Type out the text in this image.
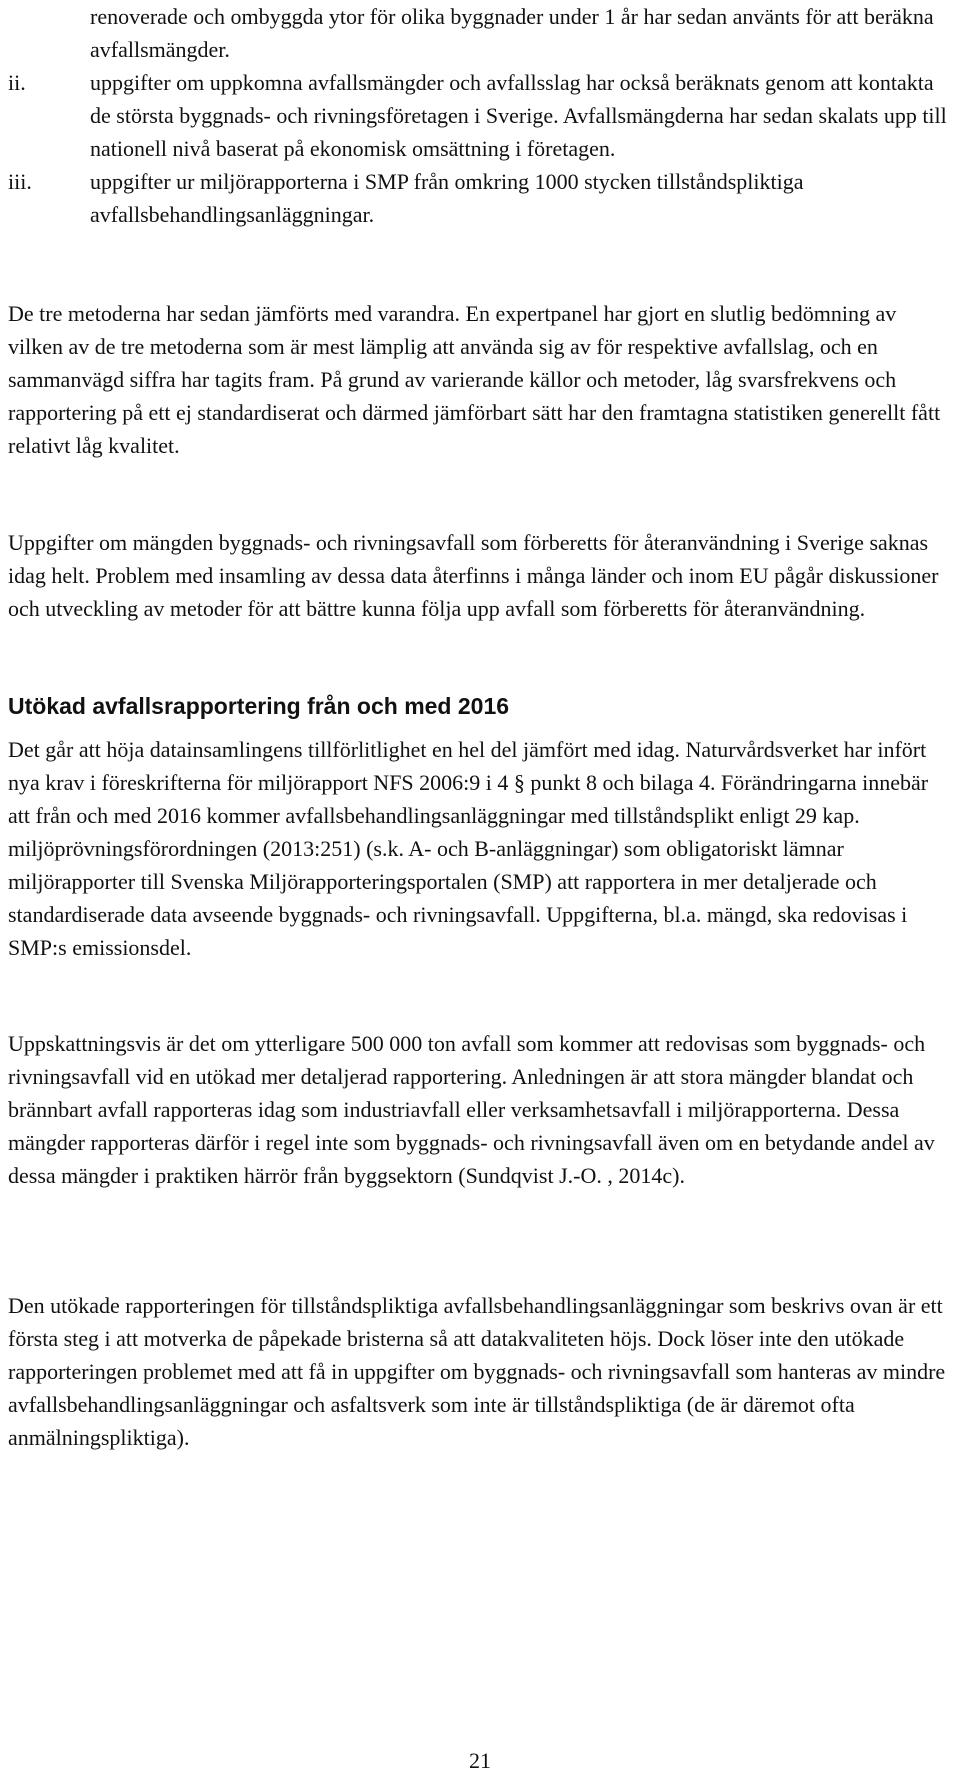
renoverade och ombyggda ytor för olika byggnader under 1 år har sedan använts för att beräkna avfallsmängder.
ii.	uppgifter om uppkomna avfallsmängder och avfallsslag har också beräknats genom att kontakta de största byggnads- och rivningsföretagen i Sverige. Avfallsmängderna har sedan skalats upp till nationell nivå baserat på ekonomisk omsättning i företagen.
iii.	uppgifter ur miljörapporterna i SMP från omkring 1000 stycken tillståndspliktiga avfallsbehandlingsanläggningar.

De tre metoderna har sedan jämförts med varandra. En expertpanel har gjort en slutlig bedömning av vilken av de tre metoderna som är mest lämplig att använda sig av för respektive avfallslag, och en sammanvägd siffra har tagits fram. På grund av varierande källor och metoder, låg svarsfrekvens och rapportering på ett ej standardiserat och därmed jämförbart sätt har den framtagna statistiken generellt fått relativt låg kvalitet.

Uppgifter om mängden byggnads- och rivningsavfall som förberetts för återanvändning i Sverige saknas idag helt. Problem med insamling av dessa data återfinns i många länder och inom EU pågår diskussioner och utveckling av metoder för att bättre kunna följa upp avfall som förberetts för återanvändning.

Utökad avfallsrapportering från och med 2016

Det går att höja datainsamlingens tillförlitlighet en hel del jämfört med idag. Naturvårdsverket har infört nya krav i föreskrifterna för miljörapport NFS 2006:9 i 4 § punkt 8 och bilaga 4. Förändringarna innebär att från och med 2016 kommer avfallsbehandlingsanläggningar med tillståndsplikt enligt 29 kap. miljöprövningsförordningen (2013:251) (s.k. A- och B-anläggningar) som obligatoriskt lämnar miljörapporter till Svenska Miljörapporteringsportalen (SMP) att rapportera in mer detaljerade och standardiserade data avseende byggnads- och rivningsavfall. Uppgifterna, bl.a. mängd, ska redovisas i SMP:s emissionsdel.

Uppskattningsvis är det om ytterligare 500 000 ton avfall som kommer att redovisas som byggnads- och rivningsavfall vid en utökad mer detaljerad rapportering. Anledningen är att stora mängder blandat och brännbart avfall rapporteras idag som industriavfall eller verksamhetsavfall i miljörapporterna. Dessa mängder rapporteras därför i regel inte som byggnads- och rivningsavfall även om en betydande andel av dessa mängder i praktiken härrör från byggsektorn (Sundqvist J.-O. , 2014c).

Den utökade rapporteringen för tillståndspliktiga avfallsbehandlingsanläggningar som beskrivs ovan är ett första steg i att motverka de påpekade bristerna så att datakvaliteten höjs. Dock löser inte den utökade rapporteringen problemet med att få in uppgifter om byggnads- och rivningsavfall som hanteras av mindre avfallsbehandlingsanläggningar och asfaltsverk som inte är tillståndspliktiga (de är däremot ofta anmälningspliktiga).

21
